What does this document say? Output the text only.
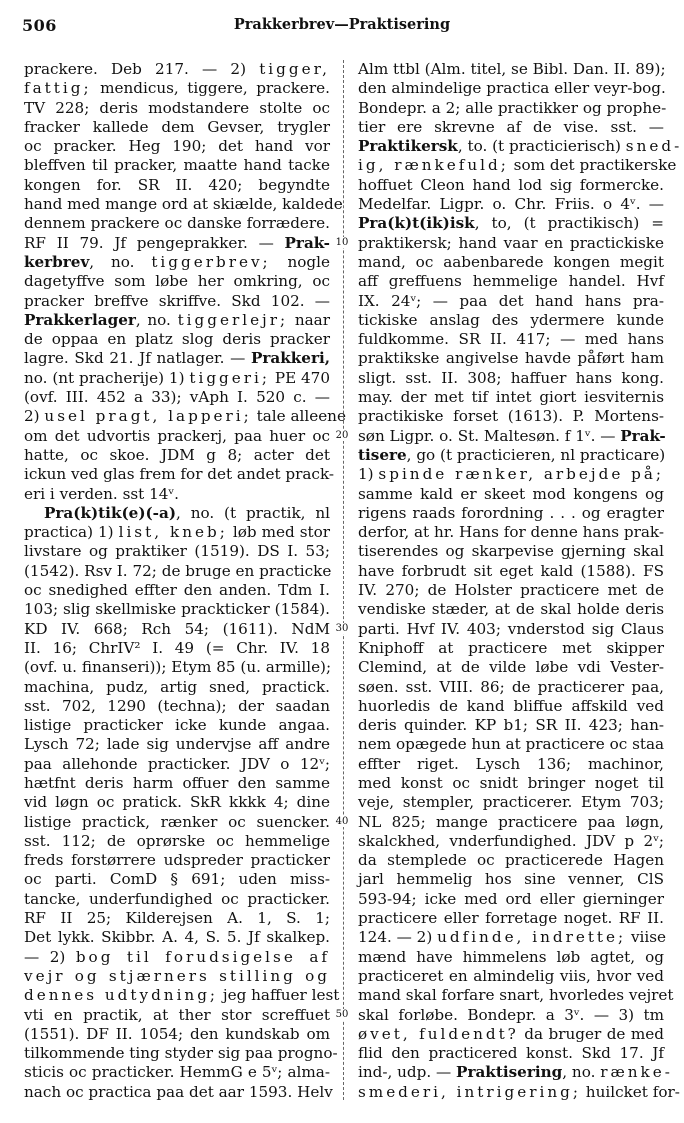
506	Prakkerbrev—Praktisering
prackere. Deb 217. — 2) tigger,
fattig; mendicus, tiggere, prackere.
TV 228; deris modstandere stolte oc
fracker kallede dem Gevser, trygler
oc pracker. Heg 190; det hand vor
bleffven til pracker, maatte hand tacke
kongen for. SR II. 420; begyndte
hand med mange ord at skiælde, kaldede
dennem prackere oc danske forrædere.
RF II 79. Jf pengeprakker. — Prak-
kerbrev, no. tiggerbrev; nogle
dagetyffve som løbe her omkring, oc
pracker breffve skriffve. Skd 102. —
Prakkerlager, no. tiggerlejr; naar
de oppaa en platz slog deris pracker
lagre. Skd 21. Jf natlager. — Prakkeri,
no. (nt pracherije) 1) tiggeri; PE 470
(ovf. III. 452 a 33); vAph I. 520 c. —
2) usel pragt, lapperi; tale alleene
om det udvortis prackerj, paa huer oc
hatte, oc skoe. JDM g 8; acter det
ickun ved glas frem for det andet prack-
eri i verden. sst 14ᵛ.
Pra(k)tik(e)(-a), no. (t practik, nl
practica) 1) list, kneb; løb med stor
livstare og praktiker (1519). DS I. 53;
(1542). Rsv I. 72; de bruge en practicke
oc snedighed effter den anden. Tdm I.
103; slig skellmiske prackticker (1584).
KD IV. 668; Rch 54; (1611). NdM
II. 16; ChrIV² I. 49 (= Chr. IV. 18
(ovf. u. finanseri)); Etym 85 (u. armille);
machina, pudz, artig sned, practick.
sst. 702, 1290 (techna); der saadan
listige practicker icke kunde angaa.
Lysch 72; lade sig undervjse aff andre
paa allehonde practicker. JDV o 12ᵛ;
hætfnt deris harm offuer den samme
vid løgn oc pratick. SkR kkkk 4; dine
listige practick, rænker oc suencker.
sst. 112; de oprørske oc hemmelige
freds forstørrere udspreder practicker
oc parti. ComD § 691; uden miss-
tancke, underfundighed oc practicker.
RF II 25; Kilderejsen A. 1, S. 1;
Det lykk. Skibbr. A. 4, S. 5. Jf skalkep.
— 2) bog til forudsigelse af
vejr og stjærners stilling og
dennes udtydning; jeg haffuer lest
vti en practik, at ther stor screffuet
(1551). DF II. 1054; den kundskab om
tilkommende ting styder sig paa progno-
sticis oc practicker. HemmG e 5ᵛ; alma-
nach oc practica paa det aar 1593. Helv
10
20
30
40
50
Alm ttbl (Alm. titel, se Bibl. Dan. II. 89);
den almindelige practica eller veyr-bog.
Bondepr. a 2; alle practikker og prophe-
tier ere skrevne af de vise. sst. —
Praktikersk, to. (t practicierisch) sned-
ig, rænkefuld; som det practikerske
hoffuet Cleon hand lod sig formercke.
Medelfar. Ligpr. o. Chr. Friis. o 4ᵛ. —
Pra(k)t(ik)isk, to, (t practikisch) =
praktikersk; hand vaar en practickiske
mand, oc aabenbarede kongen megit
aff greffuens hemmelige handel. Hvf
IX. 24ᵛ; — paa det hand hans pra-
tickiske anslag des ydermere kunde
fuldkomme. SR II. 417; — med hans
praktikske angivelse havde påført ham
sligt. sst. II. 308; haffuer hans kong.
may. der met tif intet giort iesviternis
practikiske forset (1613). P. Mortens-
søn Ligpr. o. St. Maltesøn. f 1ᵛ. — Prak-
tisere, go (t practicieren, nl practicare)
1) spinde rænker, arbejde på;
samme kald er skeet mod kongens og
rigens raads forordning . . . og eragter
derfor, at hr. Hans for denne hans prak-
tiserendes og skarpevise gjerning skal
have forbrudt sit eget kald (1588). FS
IV. 270; de Holster practicere met de
vendiske stæder, at de skal holde deris
parti. Hvf IV. 403; vnderstod sig Claus
Kniphoff at practicere met skipper
Clemind, at de vilde løbe vdi Vester-
søen. sst. VIII. 86; de practicerer paa,
huorledis de kand bliffue affskild ved
deris quinder. KP b1; SR II. 423; han-
nem opægede hun at practicere oc staa
effter riget. Lysch 136; machinor,
med konst oc snidt bringer noget til
veje, stempler, practicerer. Etym 703;
NL 825; mange practicere paa løgn,
skalckhed, vnderfundighed. JDV p 2ᵛ;
da stemplede oc practicerede Hagen
jarl hemmelig hos sine venner, ClS
593-94; icke med ord eller gierninger
practicere eller forretage noget. RF II.
124. — 2) udfinde, indrette; viise
mænd have himmelens løb agtet, og
practiceret en almindelig viis, hvor ved
mand skal forfare snart, hvorledes vejret
skal forløbe. Bondepr. a 3ᵛ. — 3) tm
øvet, fuldendt? da bruger de med
flid den practicered konst. Skd 17. Jf
ind-, udp. — Praktisering, no. rænke-
smederi, intrigering; huilcket for-
